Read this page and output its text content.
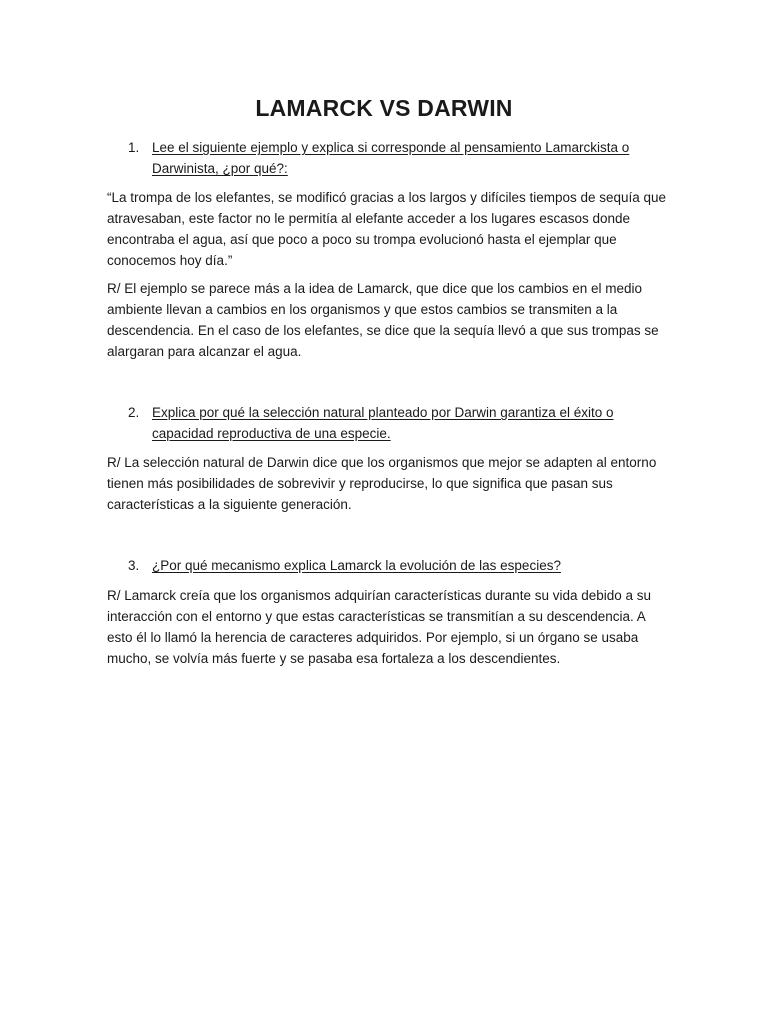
LAMARCK VS DARWIN
1. Lee el siguiente ejemplo y explica si corresponde al pensamiento Lamarckista o Darwinista, ¿por qué?:
“La trompa de los elefantes, se modificó gracias a los largos y difíciles tiempos de sequía que atravesaban, este factor no le permitía al elefante acceder a los lugares escasos donde encontraba el agua, así que poco a poco su trompa evolucionó hasta el ejemplar que conocemos hoy día.”
R/ El ejemplo se parece más a la idea de Lamarck, que dice que los cambios en el medio ambiente llevan a cambios en los organismos y que estos cambios se transmiten a la descendencia. En el caso de los elefantes, se dice que la sequía llevó a que sus trompas se alargaran para alcanzar el agua.
2. Explica por qué la selección natural planteado por Darwin garantiza el éxito o capacidad reproductiva de una especie.
R/ La selección natural de Darwin dice que los organismos que mejor se adapten al entorno tienen más posibilidades de sobrevivir y reproducirse, lo que significa que pasan sus características a la siguiente generación.
3. ¿Por qué mecanismo explica Lamarck la evolución de las especies?
R/ Lamarck creía que los organismos adquirían características durante su vida debido a su interacción con el entorno y que estas características se transmitían a su descendencia. A esto él lo llamó la herencia de caracteres adquiridos. Por ejemplo, si un órgano se usaba mucho, se volvía más fuerte y se pasaba esa fortaleza a los descendientes.
